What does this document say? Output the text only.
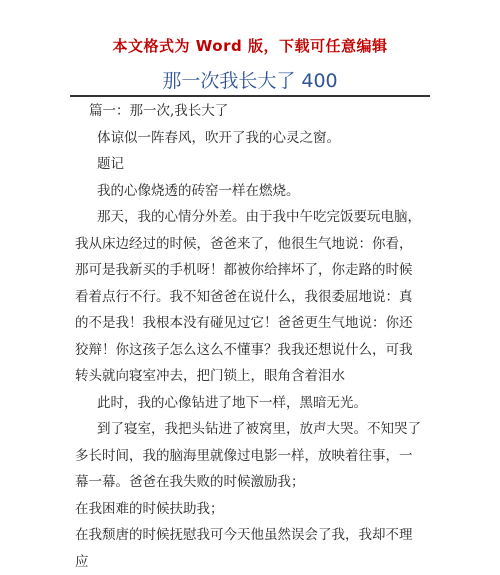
本文格式为 Word 版，下载可任意编辑
那一次我长大了 400

篇一：那一次,我长大了

体谅似一阵春风，吹开了我的心灵之窗。

题记

我的心像烧透的砖窑一样在燃烧。

那天，我的心情分外差。由于我中午吃完饭要玩电脑，

我从床边经过的时候，爸爸来了，他很生气地说：你看，

那可是我新买的手机呀！都被你给摔坏了，你走路的时候

看着点行不行。我不知爸爸在说什么，我很委屈地说：真

的不是我！我根本没有碰见过它！爸爸更生气地说：你还

狡辩！你这孩子怎么这么不懂事？我我还想说什么，可我

转头就向寝室冲去，把门锁上，眼角含着泪水

此时，我的心像钻进了地下一样，黑暗无光。

到了寝室，我把头钻进了被窝里，放声大哭。不知哭了

多长时间，我的脑海里就像过电影一样，放映着往事，一

幕一幕。爸爸在我失败的时候激励我；

在我困难的时候扶助我；

在我颓唐的时候抚慰我可今天他虽然误会了我，我却不理

应
